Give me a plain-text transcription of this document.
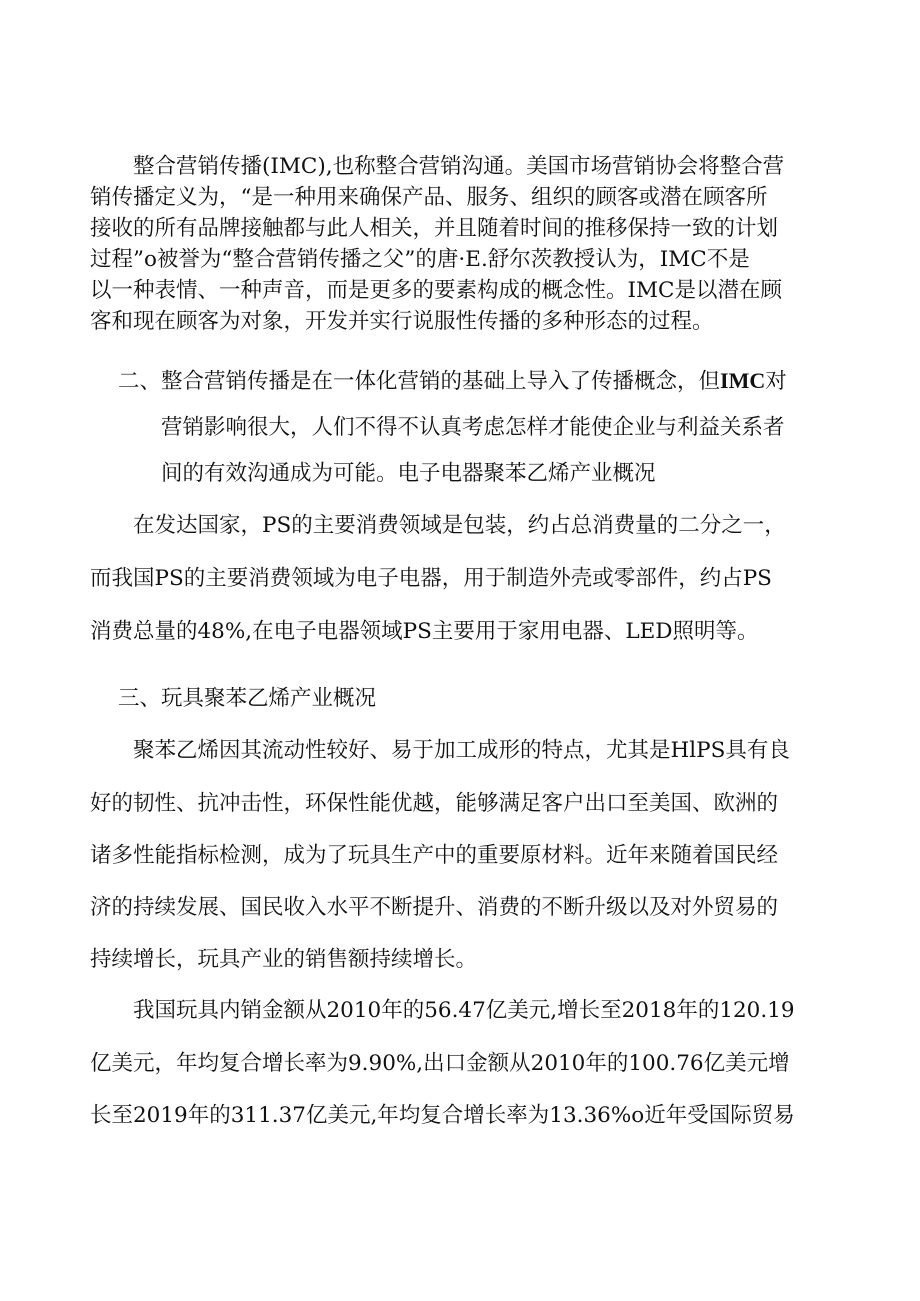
整合营销传播(IMC),也称整合营销沟通。美国市场营销协会将整合营
销传播定义为，“是一种用来确保产品、服务、组织的顾客或潜在顾客所
接收的所有品牌接触都与此人相关，并且随着时间的推移保持一致的计划
过程”o被誉为“整合营销传播之父”的唐·E.舒尔茨教授认为，IMC不是
以一种表情、一种声音，而是更多的要素构成的概念性。IMC是以潜在顾
客和现在顾客为对象，开发并实行说服性传播的多种形态的过程。
二、整合营销传播是在一体化营销的基础上导入了传播概念，但IMC对
营销影响很大，人们不得不认真考虑怎样才能使企业与利益关系者
间的有效沟通成为可能。电子电器聚苯乙烯产业概况
在发达国家，PS的主要消费领域是包装，约占总消费量的二分之一，
而我国PS的主要消费领域为电子电器，用于制造外壳或零部件，约占PS
消费总量的48%,在电子电器领域PS主要用于家用电器、LED照明等。
三、玩具聚苯乙烯产业概况
聚苯乙烯因其流动性较好、易于加工成形的特点，尤其是HlPS具有良
好的韧性、抗冲击性，环保性能优越，能够满足客户出口至美国、欧洲的
诸多性能指标检测，成为了玩具生产中的重要原材料。近年来随着国民经
济的持续发展、国民收入水平不断提升、消费的不断升级以及对外贸易的
持续增长，玩具产业的销售额持续增长。
我国玩具内销金额从2010年的56.47亿美元,增长至2018年的120.19
亿美元，年均复合增长率为9.90%,出口金额从2010年的100.76亿美元增
长至2019年的311.37亿美元,年均复合增长率为13.36%o近年受国际贸易
